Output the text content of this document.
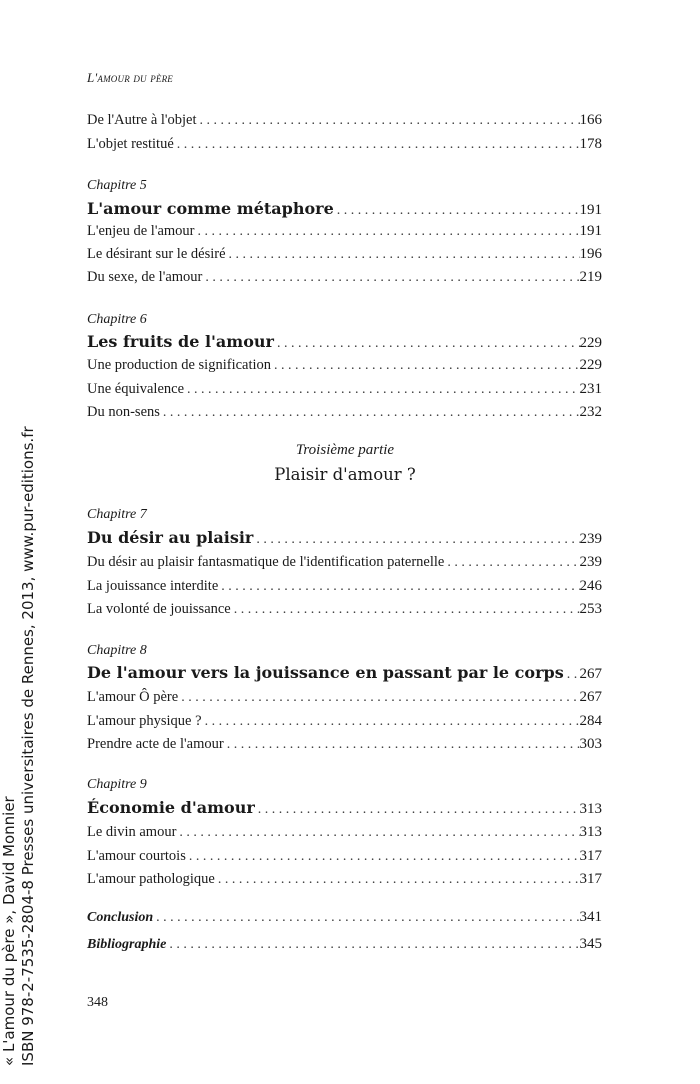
L'amour du père
De l'Autre à l'objet . . .	166
L'objet restitué . . .	178
Chapitre 5
L'amour comme métaphore . . .	191
L'enjeu de l'amour . . .	191
Le désirant sur le désiré . . .	196
Du sexe, de l'amour . . .	219
Chapitre 6
Les fruits de l'amour . . .	229
Une production de signification . . .	229
Une équivalence . . .	231
Du non-sens . . .	232
Troisième partie
Plaisir d'amour ?
Chapitre 7
Du désir au plaisir . . .	239
Du désir au plaisir fantasmatique de l'identification paternelle . . .	239
La jouissance interdite . . .	246
La volonté de jouissance . . .	253
Chapitre 8
De l'amour vers la jouissance en passant par le corps . . . 267
L'amour Ô père . . .	267
L'amour physique ? . . .	284
Prendre acte de l'amour . . .	303
Chapitre 9
Économie d'amour . . .	313
Le divin amour . . .	313
L'amour courtois . . .	317
L'amour pathologique . . .	317
Conclusion . . .	341
Bibliographie . . .	345
348
« L'amour du père », David Monnier ISBN 978-2-7535-2804-8 Presses universitaires de Rennes, 2013, www.pur-editions.fr
